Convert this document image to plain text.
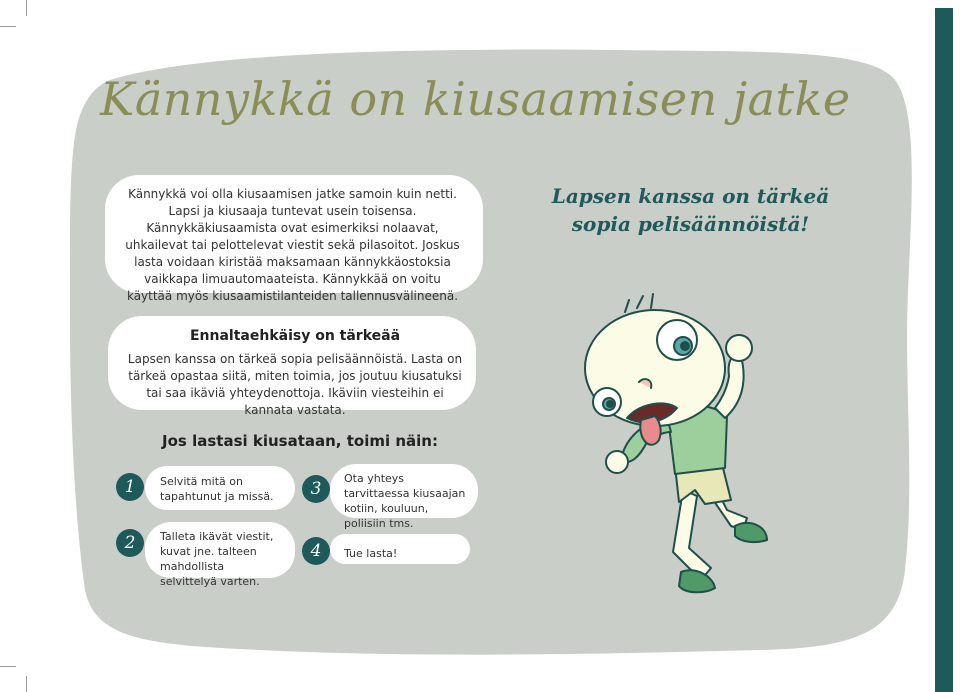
Kännykkä on kiusaamisen jatke
Kännykkä voi olla kiusaamisen jatke samoin kuin netti. Lapsi ja kiusaaja tuntevat usein toisensa. Kännykkäkiusaamista ovat esimerkiksi nolaavat, uhkailevat tai pelottelevat viestit sekä pilasoitot. Joskus lasta voidaan kiristää maksamaan kännykkäostoksia vaikkapa limuautomaateista. Kännykkää on voitu käyttää myös kiusaamistilanteiden tallennusvälineenä.
Lapsen kanssa on tärkeä sopia pelisäännöistä!
Ennaltaehkäisy on tärkeää
Lapsen kanssa on tärkeä sopia pelisäännöistä. Lasta on tärkeä opastaa siitä, miten toimia, jos joutuu kiusatuksi tai saa ikäviä yhteydenottoja. Ikäviin viesteihin ei kannata vastata.
Jos lastasi kiusataan, toimi näin:
1	Selvitä mitä on tapahtunut ja missä.
2	Talleta ikävät viestit, kuvat jne. talteen mahdollista selvittelyä varten.
3
Ota yhteys tarvittaessa kiusaajan kotiin, kouluun, poliisiin tms.
4	Tue lasta!
